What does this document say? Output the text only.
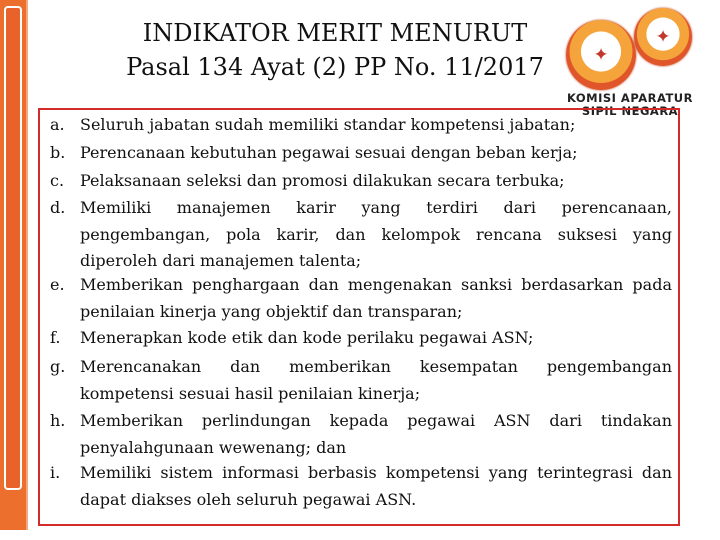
INDIKATOR MERIT MENURUT
Pasal 134 Ayat (2) PP No. 11/2017
✦
✦
KOMISI APARATUR
SIPIL NEGARA
a. Seluruh jabatan sudah memiliki standar kompetensi jabatan;
b. Perencanaan kebutuhan pegawai sesuai dengan beban kerja;
c. Pelaksanaan seleksi dan promosi dilakukan secara terbuka;
d. Memiliki manajemen karir yang terdiri dari perencanaan, pengembangan, pola karir, dan kelompok rencana suksesi yang diperoleh dari manajemen talenta;
e. Memberikan penghargaan dan mengenakan sanksi berdasarkan pada penilaian kinerja yang objektif dan transparan;
f.	Menerapkan kode etik dan kode perilaku pegawai ASN;
g. Merencanakan dan memberikan kesempatan pengembangan kompetensi sesuai hasil penilaian kinerja;
h. Memberikan perlindungan kepada pegawai ASN dari tindakan penyalahgunaan wewenang; dan
i.	Memiliki sistem informasi berbasis kompetensi yang terintegrasi dan dapat diakses oleh seluruh pegawai ASN.
